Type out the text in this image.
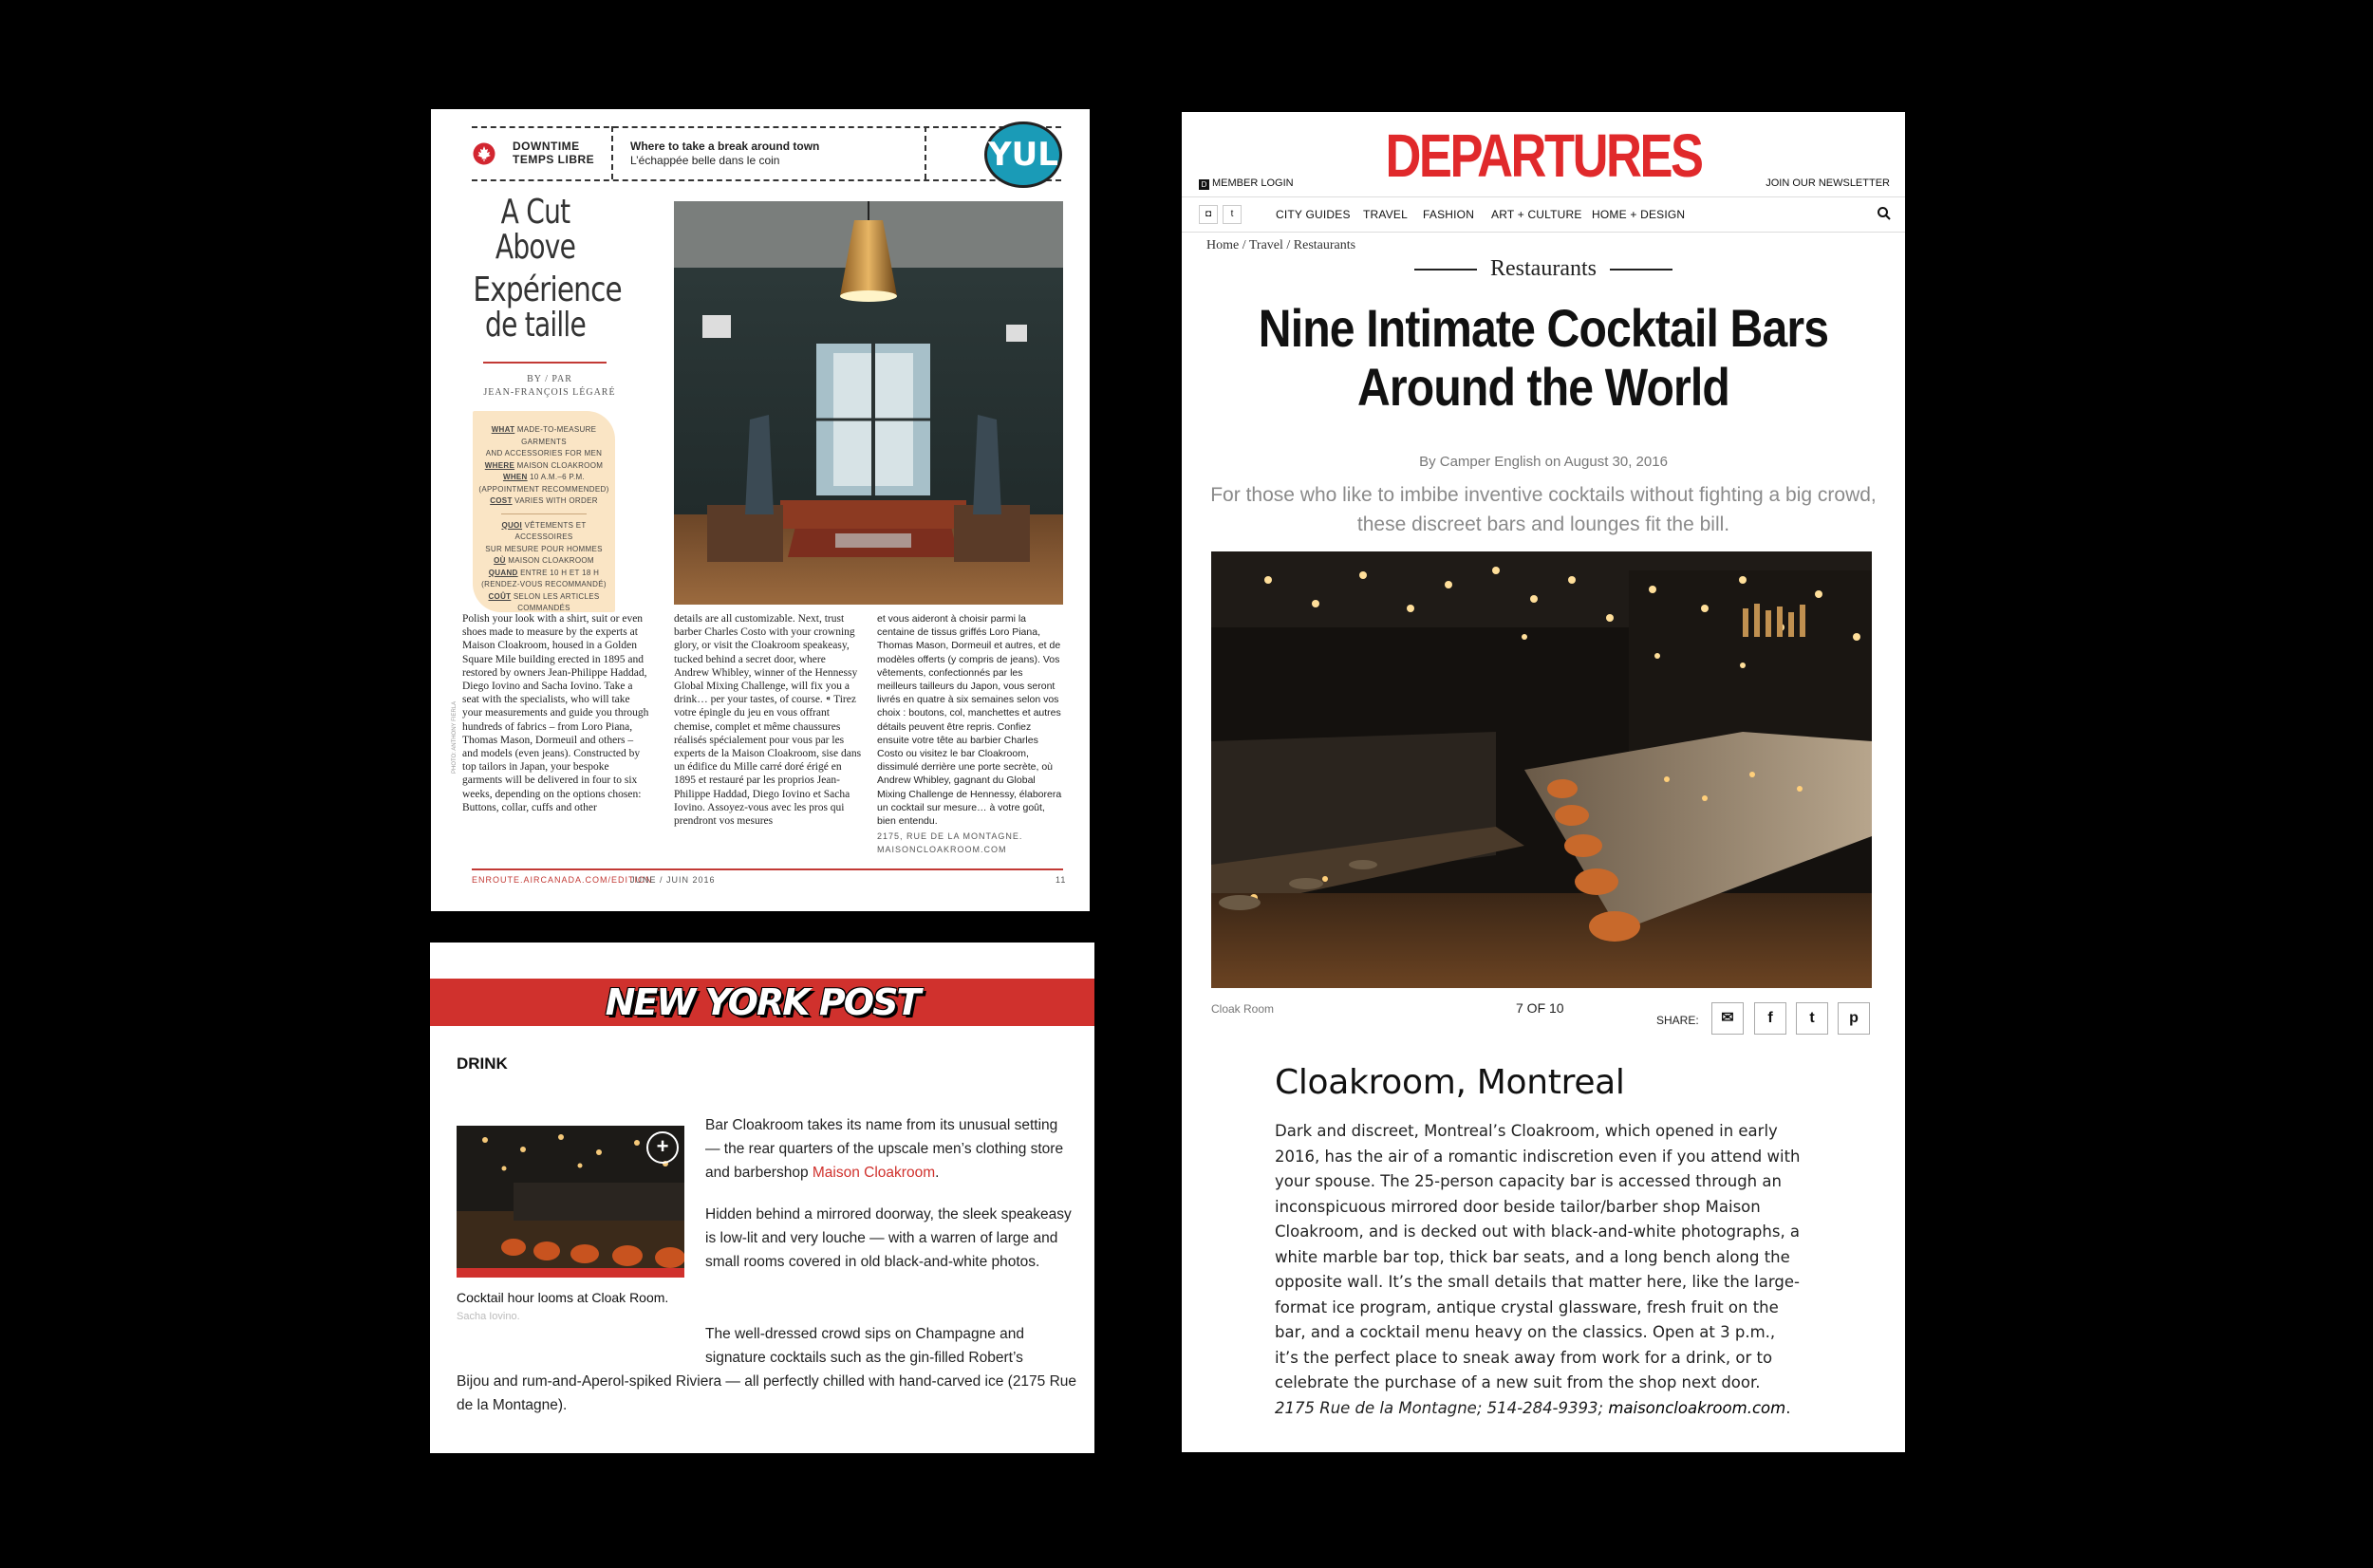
DOWNTIME
TEMPS LIBRE
Where to take a break around town
L’échappée belle dans le coin	YUL
A Cut
Above
Expérience
de taille
BY / PAR
JEAN-FRANÇOIS LÉGARÉ
WHAT MADE-TO-MEASURE GARMENTS
AND ACCESSORIES FOR MEN
WHERE MAISON CLOAKROOM
WHEN 10 A.M.–6 P.M.
(APPOINTMENT RECOMMENDED)
COST VARIES WITH ORDER
QUOI VÊTEMENTS ET ACCESSOIRES
SUR MESURE POUR HOMMES
OÙ MAISON CLOAKROOM
QUAND ENTRE 10 H ET 18 H
(RENDEZ-VOUS RECOMMANDÉ)
COÛT SELON LES ARTICLES COMMANDÉS
Polish your look with a shirt, suit or even shoes made to measure by the experts at Maison Cloakroom, housed in a Golden Square Mile building erected in 1895 and restored by owners Jean-Philippe Haddad, Diego Iovino and Sacha Iovino. Take a seat with the specialists, who will take your measurements and guide you through hundreds of fabrics – from Loro Piana, Thomas Mason, Dormeuil and others – and models (even jeans). Constructed by top tailors in Japan, your bespoke garments will be delivered in four to six weeks, depending on the options chosen: Buttons, collar, cuffs and other
details are all customizable. Next, trust barber Charles Costo with your crowning glory, or visit the Cloakroom speakeasy, tucked behind a secret door, where Andrew Whibley, winner of the Hennessy Global Mixing Challenge, will fix you a drink… per your tastes, of course. ⁌ Tirez votre épingle du jeu en vous offrant chemise, complet et même chaussures réalisés spécialement pour vous par les experts de la Maison Cloakroom, sise dans un édifice du Mille carré doré érigé en 1895 et restauré par les proprios Jean-Philippe Haddad, Diego Iovino et Sacha Iovino. Assoyez-vous avec les pros qui prendront vos mesures
et vous aideront à choisir parmi la centaine de tissus griffés Loro Piana, Thomas Mason, Dormeuil et autres, et de modèles offerts (y compris de jeans). Vos vêtements, confectionnés par les meilleurs tailleurs du Japon, vous seront livrés en quatre à six semaines selon vos choix : boutons, col, manchettes et autres détails peuvent être repris. Confiez ensuite votre tête au barbier Charles Costo ou visitez le bar Cloakroom, dissimulé derrière une porte secrète, où Andrew Whibley, gagnant du Global Mixing Challenge de Hennessy, élaborera un cocktail sur mesure… à votre goût, bien entendu.
2175, RUE DE LA MONTAGNE.
MAISONCLOAKROOM.COM
PHOTO: ANTHONY FIERLA
ENROUTE.AIRCANADA.COM/EDITION
JUNE / JUIN 2016	11
NEW YORK POST
DRINK
+
Cocktail hour looms at Cloak Room.
Sacha Iovino.
Bar Cloakroom takes its name from its unusual setting — the rear quarters of the upscale men’s clothing store and barbershop Maison Cloakroom.
Hidden behind a mirrored doorway, the sleek speakeasy is low-lit and very louche — with a warren of large and small rooms covered in old black-and-white photos.
The well-dressed crowd sips on Champagne and signature cocktails such as the gin-filled Robert’s
Bijou and rum-and-Aperol-spiked Riviera — all perfectly chilled with hand-carved ice (2175 Rue de la Montagne).
DEPARTURES
D MEMBER LOGIN	JOIN OUR NEWSLETTER
◘	t	CITY GUIDES TRAVEL FASHION ART + CULTURE HOME + DESIGN
Home / Travel / Restaurants
Restaurants
Nine Intimate Cocktail Bars
Around the World
By Camper English on August 30, 2016
For those who like to imbibe inventive cocktails without fighting a big crowd, these discreet bars and lounges fit the bill.
Cloak Room	7 OF 10
SHARE:	✉	f	t	p
Cloakroom, Montreal
Dark and discreet, Montreal’s Cloakroom, which opened in early 2016, has the air of a romantic indiscretion even if you attend with your spouse. The 25-person capacity bar is accessed through an inconspicuous mirrored door beside tailor/barber shop Maison Cloakroom, and is decked out with black-and-white photographs, a white marble bar top, thick bar seats, and a long bench along the opposite wall. It’s the small details that matter here, like the large-format ice program, antique crystal glassware, fresh fruit on the bar, and a cocktail menu heavy on the classics. Open at 3 p.m., it’s the perfect place to sneak away from work for a drink, or to celebrate the purchase of a new suit from the shop next door. 2175 Rue de la Montagne; 514-284-9393; maisoncloakroom.com.
